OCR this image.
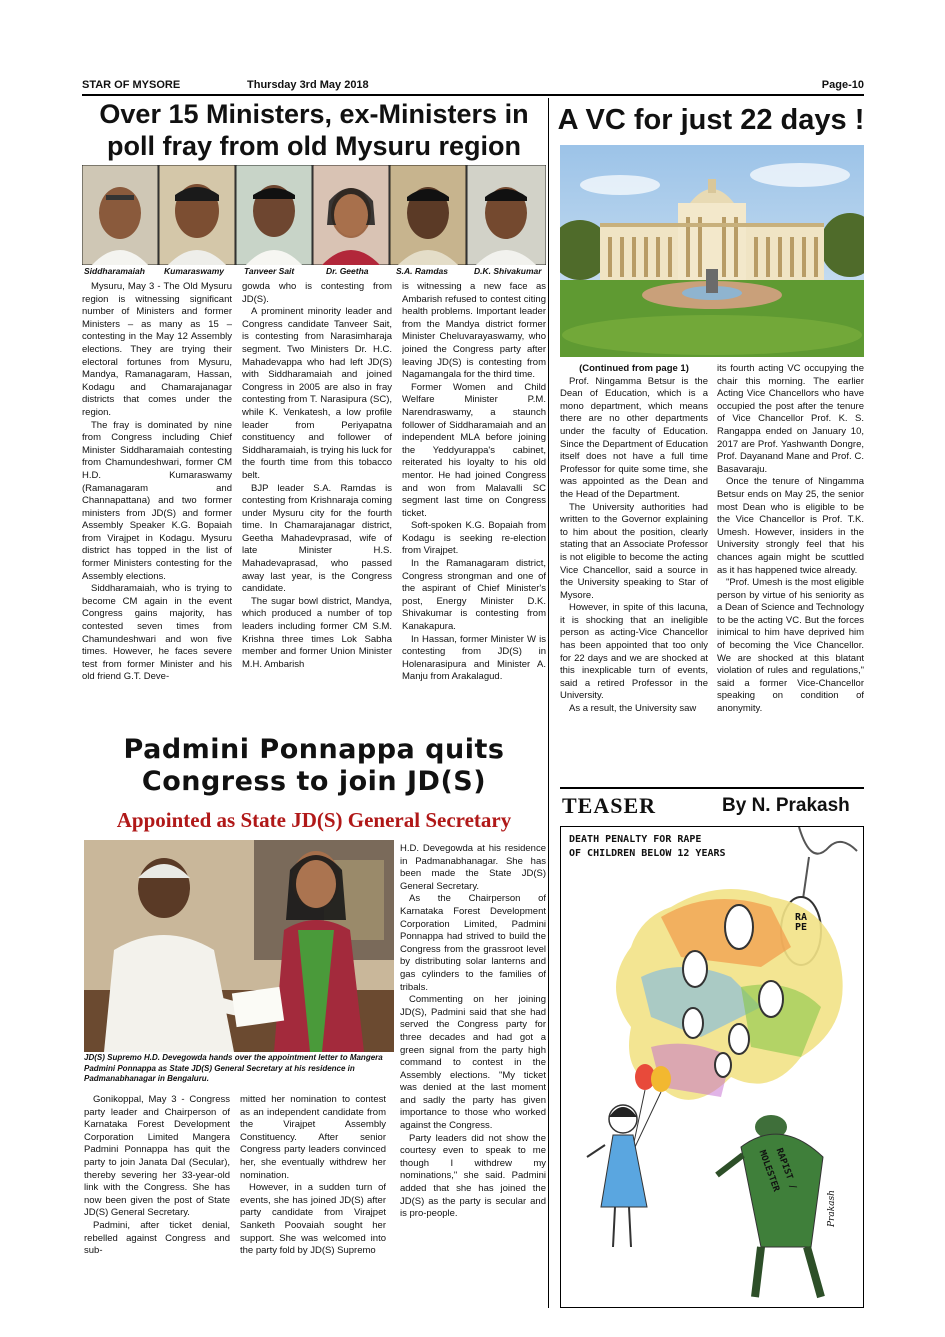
STAR OF MYSORE	Thursday 3rd May 2018	Page-10
Over 15 Ministers, ex-Ministers in
poll fray from old Mysuru region
Siddharamaiah Kumaraswamy Tanveer Sait	Dr. Geetha	S.A. Ramdas	D.K. Shivakumar

Mysuru, May 3 - The Old Mysuru region is witnessing significant number of Ministers and former Ministers – as many as 15 – contesting in the May 12 Assembly elections. They are trying their electoral fortunes from Mysuru, Mandya, Ramanagaram, Hassan, Kodagu and Chamarajanagar districts that comes under the region.

The fray is dominated by nine from Congress including Chief Minister Siddharamaiah contesting from Chamundeshwari, former CM H.D. Kumaraswamy (Ramanagaram and Channapattana) and two former ministers from JD(S) and former Assembly Speaker K.G. Bopaiah from Virajpet in Kodagu. Mysuru district has topped in the list of former Ministers contesting for the Assembly elections.

Siddharamaiah, who is trying to become CM again in the event Congress gains majority, has contested seven times from Chamundeshwari and won five times. However, he faces severe test from former Minister and his old friend G.T. Deve-

gowda who is contesting from JD(S).

A prominent minority leader and Congress candidate Tanveer Sait, is contesting from Narasimharaja segment. Two Ministers Dr. H.C. Mahadevappa who had left JD(S) with Siddharamaiah and joined Congress in 2005 are also in fray contesting from T. Narasipura (SC), while K. Venkatesh, a low profile leader from Periyapatna constituency and follower of Siddharamaiah, is trying his luck for the fourth time from this tobacco belt.

BJP leader S.A. Ramdas is contesting from Krishnaraja coming under Mysuru city for the fourth time. In Chamarajanagar district, Geetha Mahadevprasad, wife of late Minister H.S. Mahadevaprasad, who passed away last year, is the Congress candidate.

The sugar bowl district, Mandya, which produced a number of top leaders including former CM S.M. Krishna three times Lok Sabha member and former Union Minister M.H. Ambarish

is witnessing a new face as Ambarish refused to contest citing health problems. Important leader from the Mandya district former Minister Cheluvarayaswamy, who joined the Congress party after leaving JD(S) is contesting from Nagamangala for the third time.

Former Women and Child Welfare Minister P.M. Narendraswamy, a staunch follower of Siddharamaiah and an independent MLA before joining the Yeddyurappa's cabinet, reiterated his loyalty to his old mentor. He had joined Congress and won from Malavalli SC segment last time on Congress ticket.

Soft-spoken K.G. Bopaiah from Kodagu is seeking re-election from Virajpet.

In the Ramanagaram district, Congress strongman and one of the aspirant of Chief Minister's post, Energy Minister D.K. Shivakumar is contesting from Kanakapura.

In Hassan, former Minister W is contesting from JD(S) in Holenarasipura and Minister A. Manju from Arakalagud.

A VC for just 22 days !

(Continued from page 1)

Prof. Ningamma Betsur is the Dean of Education, which is a mono department, which means there are no other departments under the faculty of Education. Since the Department of Education itself does not have a full time Professor for quite some time, she was appointed as the Dean and the Head of the Department.

The University authorities had written to the Governor explaining to him about the position, clearly stating that an Associate Professor is not eligible to become the acting Vice Chancellor, said a source in the University speaking to Star of Mysore.

However, in spite of this lacuna, it is shocking that an ineligible person as acting-Vice Chancellor has been appointed that too only for 22 days and we are shocked at this inexplicable turn of events, said a retired Professor in the University.

As a result, the University saw

its fourth acting VC occupying the chair this morning. The earlier Acting Vice Chancellors who have occupied the post after the tenure of Vice Chancellor Prof. K. S. Rangappa ended on January 10, 2017 are Prof. Yashwanth Dongre, Prof. Dayanand Mane and Prof. C. Basavaraju.

Once the tenure of Ningamma Betsur ends on May 25, the senior most Dean who is eligible to be the Vice Chancellor is Prof. T.K. Umesh. However, insiders in the University strongly feel that his chances again might be scuttled as it has happened twice already.

"Prof. Umesh is the most eligible person by virtue of his seniority as a Dean of Science and Technology to be the acting VC. But the forces inimical to him have deprived him of becoming the Vice Chancellor. We are shocked at this blatant violation of rules and regulations," said a former Vice-Chancellor speaking on condition of anonymity.

Padmini Ponnappa quits
Congress to join JD(S)
Appointed as State JD(S) General Secretary
JD(S) Supremo H.D. Devegowda hands over the appointment letter to Mangera Padmini Ponnappa as State JD(S) General Secretary at his residence in Padmanabhanagar in Bengaluru.

Gonikoppal, May 3 - Congress party leader and Chairperson of Karnataka Forest Development Corporation Limited Mangera Padmini Ponnappa has quit the party to join Janata Dal (Secular), thereby severing her 33-year-old link with the Congress. She has now been given the post of State JD(S) General Secretary.

Padmini, after ticket denial, rebelled against Congress and sub-

mitted her nomination to contest as an independent candidate from the Virajpet Assembly Constituency. After senior Congress party leaders convinced her, she eventually withdrew her nomination.

However, in a sudden turn of events, she has joined JD(S) after party candidate from Virajpet Sanketh Poovaiah sought her support. She was welcomed into the party fold by JD(S) Supremo

H.D. Devegowda at his residence in Padmanabhanagar. She has been made the State JD(S) General Secretary.

As the Chairperson of Karnataka Forest Development Corporation Limited, Padmini Ponnappa had strived to build the Congress from the grassroot level by distributing solar lanterns and gas cylinders to the families of tribals.

Commenting on her joining JD(S), Padmini said that she had served the Congress party for three decades and had got a green signal from the party high command to contest in the Assembly elections. "My ticket was denied at the last moment and sadly the party has given importance to those who worked against the Congress.

Party leaders did not show the courtesy even to speak to me though I withdrew my nominations," she said. Padmini added that she has joined the JD(S) as the party is secular and is pro-people.

TEASER	By N. Prakash
DEATH PENALTY FOR RAPE
OF CHILDREN BELOW 12 YEARS
RAPE
RAPIST /
MOLESTER
Prakash
